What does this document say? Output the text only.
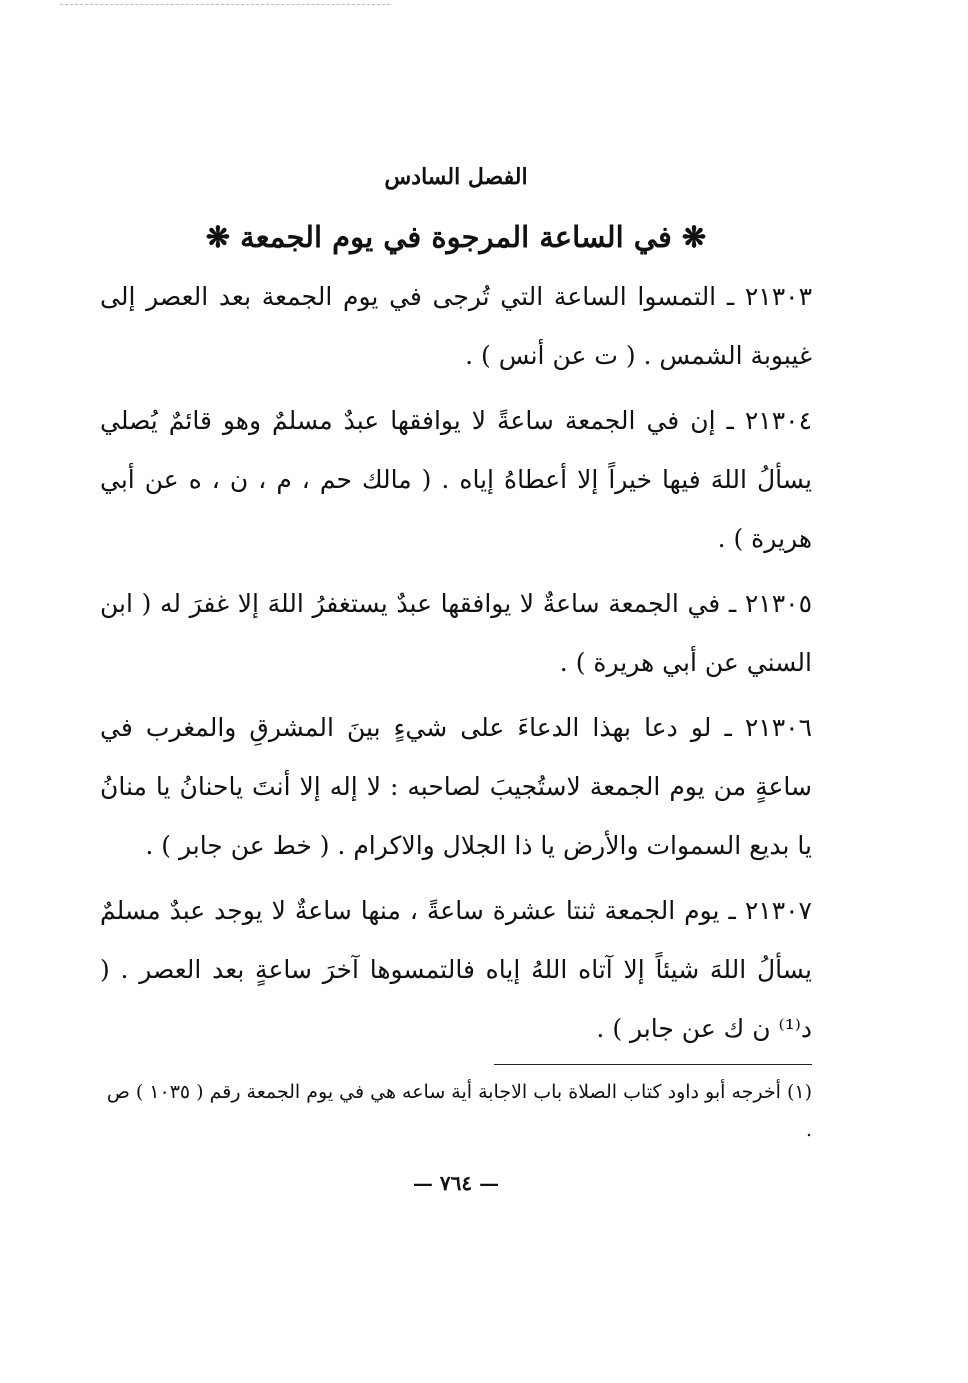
الفصل السادس
❋ في الساعة المرجوة في يوم الجمعة ❋

٢١٣٠٣ ـ التمسوا الساعة التي تُرجى في يوم الجمعة بعد العصر إلى غيبوبة الشمس . ( ت عن أنس ) .

٢١٣٠٤ ـ إن في الجمعة ساعةً لا يوافقها عبدٌ مسلمٌ وهو قائمٌ يُصلي يسألُ اللهَ فيها خيراً إلا أعطاهُ إياه . ( مالك حم ، م ، ن ، ه عن أبي هريرة ) .

٢١٣٠٥ ـ في الجمعة ساعةٌ لا يوافقها عبدٌ يستغفرُ اللهَ إلا غفرَ له ( ابن السني عن أبي هريرة ) .

٢١٣٠٦ ـ لو دعا بهذا الدعاءَ على شيءٍ بينَ المشرقِ والمغرب في ساعةٍ من يوم الجمعة لاستُجيبَ لصاحبه : لا إله إلا أنتَ ياحنانُ يا منانُ يا بديع السموات والأرض يا ذا الجلال والاكرام . ( خط عن جابر ) .

٢١٣٠٧ ـ يوم الجمعة ثنتا عشرة ساعةً ، منها ساعةٌ لا يوجد عبدٌ مسلمٌ يسألُ اللهَ شيئاً إلا آتاه اللهُ إياه فالتمسوها آخرَ ساعةٍ بعد العصر . ( د⁽¹⁾ ن ك عن جابر ) .

(١) أخرجه أبو داود كتاب الصلاة باب الاجابة أية ساعه هي في يوم الجمعة رقم ( ١٠٣٥ ) ص .

— ٧٦٤ —
